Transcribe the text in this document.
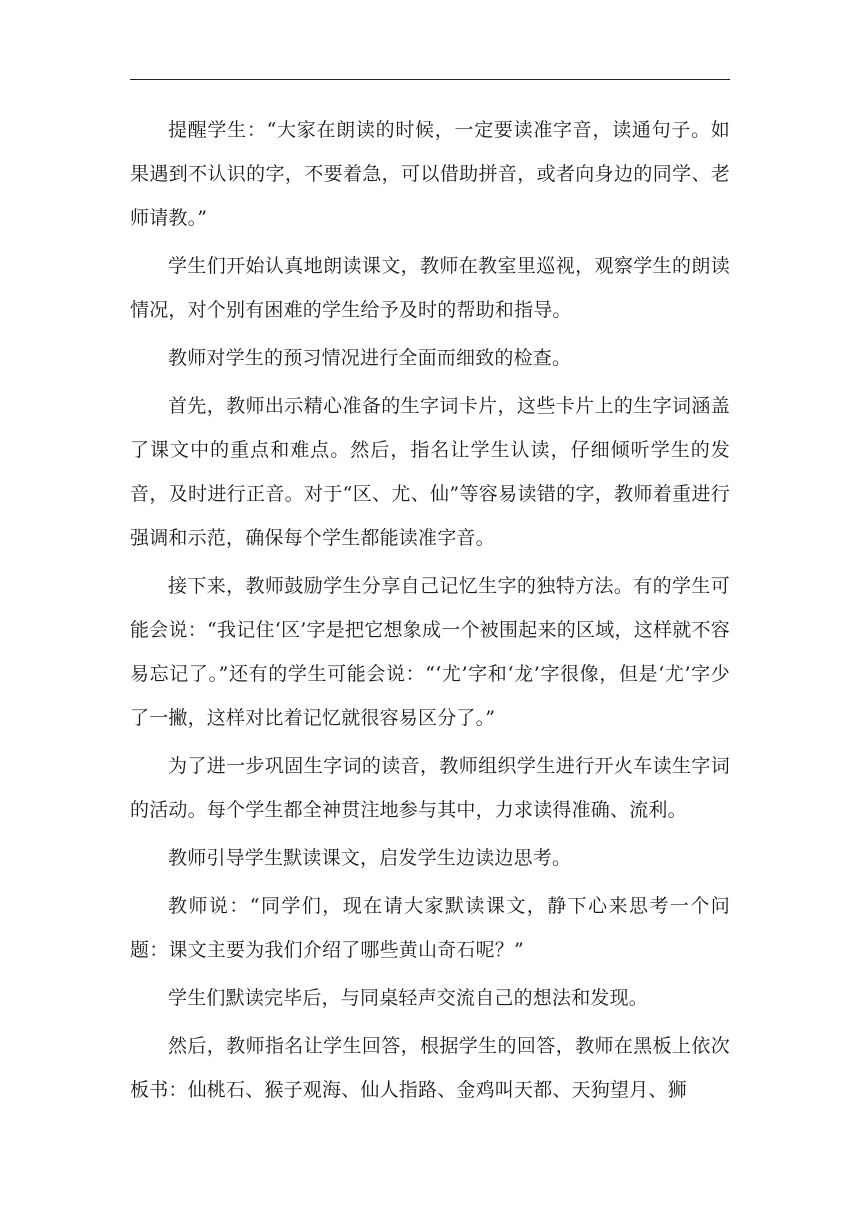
提醒学生：“大家在朗读的时候，一定要读准字音，读通句子。如果遇到不认识的字，不要着急，可以借助拼音，或者向身边的同学、老师请教。”

学生们开始认真地朗读课文，教师在教室里巡视，观察学生的朗读情况，对个别有困难的学生给予及时的帮助和指导。

教师对学生的预习情况进行全面而细致的检查。

首先，教师出示精心准备的生字词卡片，这些卡片上的生字词涵盖了课文中的重点和难点。然后，指名让学生认读，仔细倾听学生的发音，及时进行正音。对于“区、尤、仙”等容易读错的字，教师着重进行强调和示范，确保每个学生都能读准字音。

接下来，教师鼓励学生分享自己记忆生字的独特方法。有的学生可能会说：“我记住‘区’字是把它想象成一个被围起来的区域，这样就不容易忘记了。”还有的学生可能会说：“‘尤’字和‘龙’字很像，但是‘尤’字少了一撇，这样对比着记忆就很容易区分了。”

为了进一步巩固生字词的读音，教师组织学生进行开火车读生字词的活动。每个学生都全神贯注地参与其中，力求读得准确、流利。

教师引导学生默读课文，启发学生边读边思考。

教师说：“同学们，现在请大家默读课文，静下心来思考一个问题：课文主要为我们介绍了哪些黄山奇石呢？”

学生们默读完毕后，与同桌轻声交流自己的想法和发现。

然后，教师指名让学生回答，根据学生的回答，教师在黑板上依次板书：仙桃石、猴子观海、仙人指路、金鸡叫天都、天狗望月、狮
